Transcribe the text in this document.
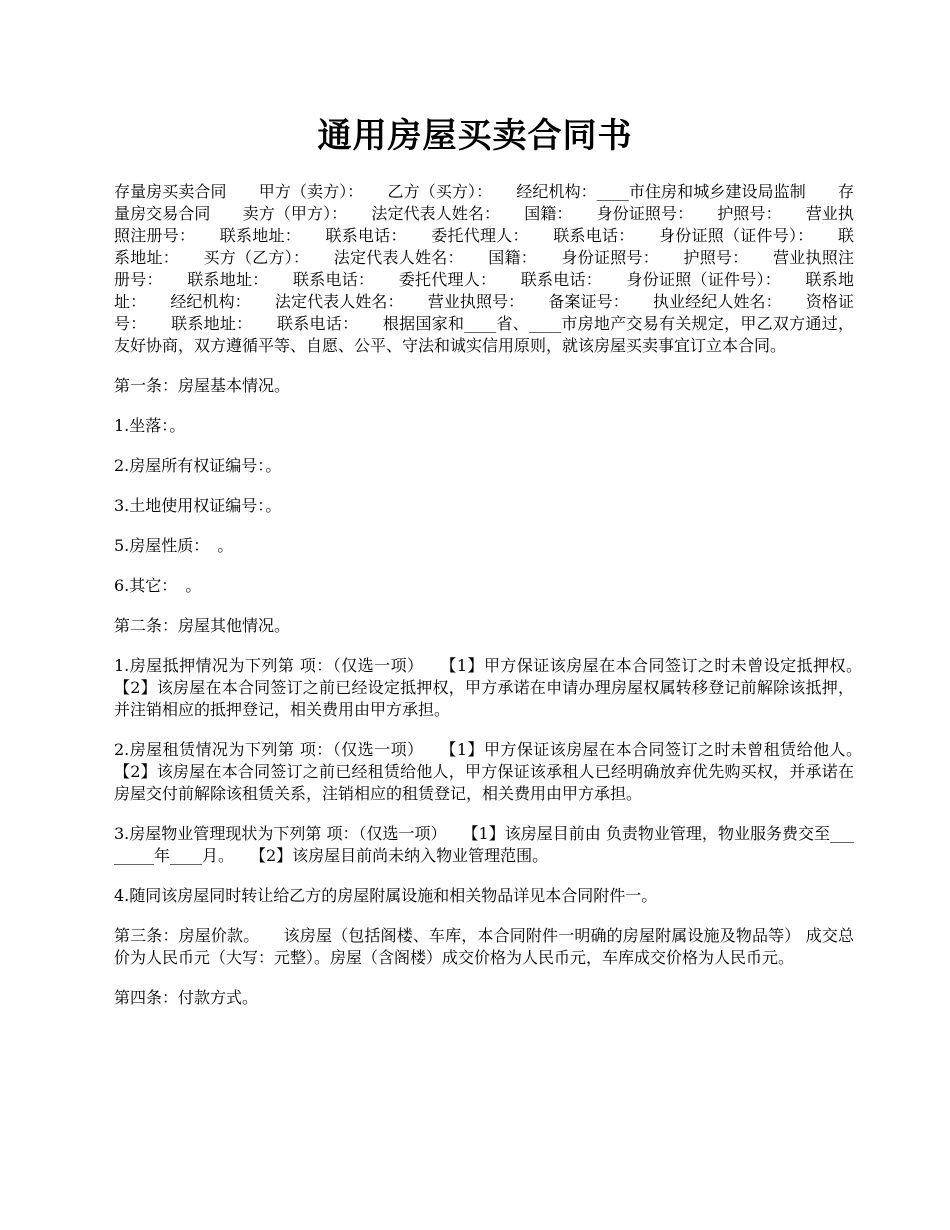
通用房屋买卖合同书

存量房买卖合同　　甲方（卖方）：　　乙方（买方）：　　经纪机构：____市住房和城乡建设局监制　　存量房交易合同　　卖方（甲方）：　　法定代表人姓名：　　国籍：　　身份证照号：　　护照号：　　营业执照注册号：　　联系地址：　　联系电话：　　委托代理人：　　联系电话：　　身份证照（证件号）：　　联系地址：　　买方（乙方）：　　法定代表人姓名：　　国籍：　　身份证照号：　　护照号：　　营业执照注册号：　　联系地址：　　联系电话：　　委托代理人：　　联系电话：　　身份证照（证件号）：　　联系地址：　　经纪机构：　　法定代表人姓名：　　营业执照号：　　备案证号：　　执业经纪人姓名：　　资格证号：　　联系地址：　　联系电话：　　根据国家和____省、____市房地产交易有关规定，甲乙双方通过，友好协商，双方遵循平等、自愿、公平、守法和诚实信用原则，就该房屋买卖事宜订立本合同。

第一条：房屋基本情况。

1.坐落：。

2.房屋所有权证编号：。

3.土地使用权证编号：。

5.房屋性质：　。

6.其它：　。

第二条：房屋其他情况。

1.房屋抵押情况为下列第 项：（仅选一项）　　【1】甲方保证该房屋在本合同签订之时未曾设定抵押权。　　【2】该房屋在本合同签订之前已经设定抵押权，甲方承诺在申请办理房屋权属转移登记前解除该抵押，并注销相应的抵押登记，相关费用由甲方承担。

2.房屋租赁情况为下列第 项：（仅选一项）　　【1】甲方保证该房屋在本合同签订之时未曾租赁给他人。　　【2】该房屋在本合同签订之前已经租赁给他人，甲方保证该承租人已经明确放弃优先购买权，并承诺在房屋交付前解除该租赁关系，注销相应的租赁登记，相关费用由甲方承担。

3.房屋物业管理现状为下列第 项：（仅选一项）　　【1】该房屋目前由 负责物业管理，物业服务费交至________年____月。　　【2】该房屋目前尚未纳入物业管理范围。

4.随同该房屋同时转让给乙方的房屋附属设施和相关物品详见本合同附件一。

第三条：房屋价款。　　该房屋（包括阁楼、车库，本合同附件一明确的房屋附属设施及物品等） 成交总价为人民币元（大写：元整）。房屋（含阁楼）成交价格为人民币元，车库成交价格为人民币元。

第四条：付款方式。
